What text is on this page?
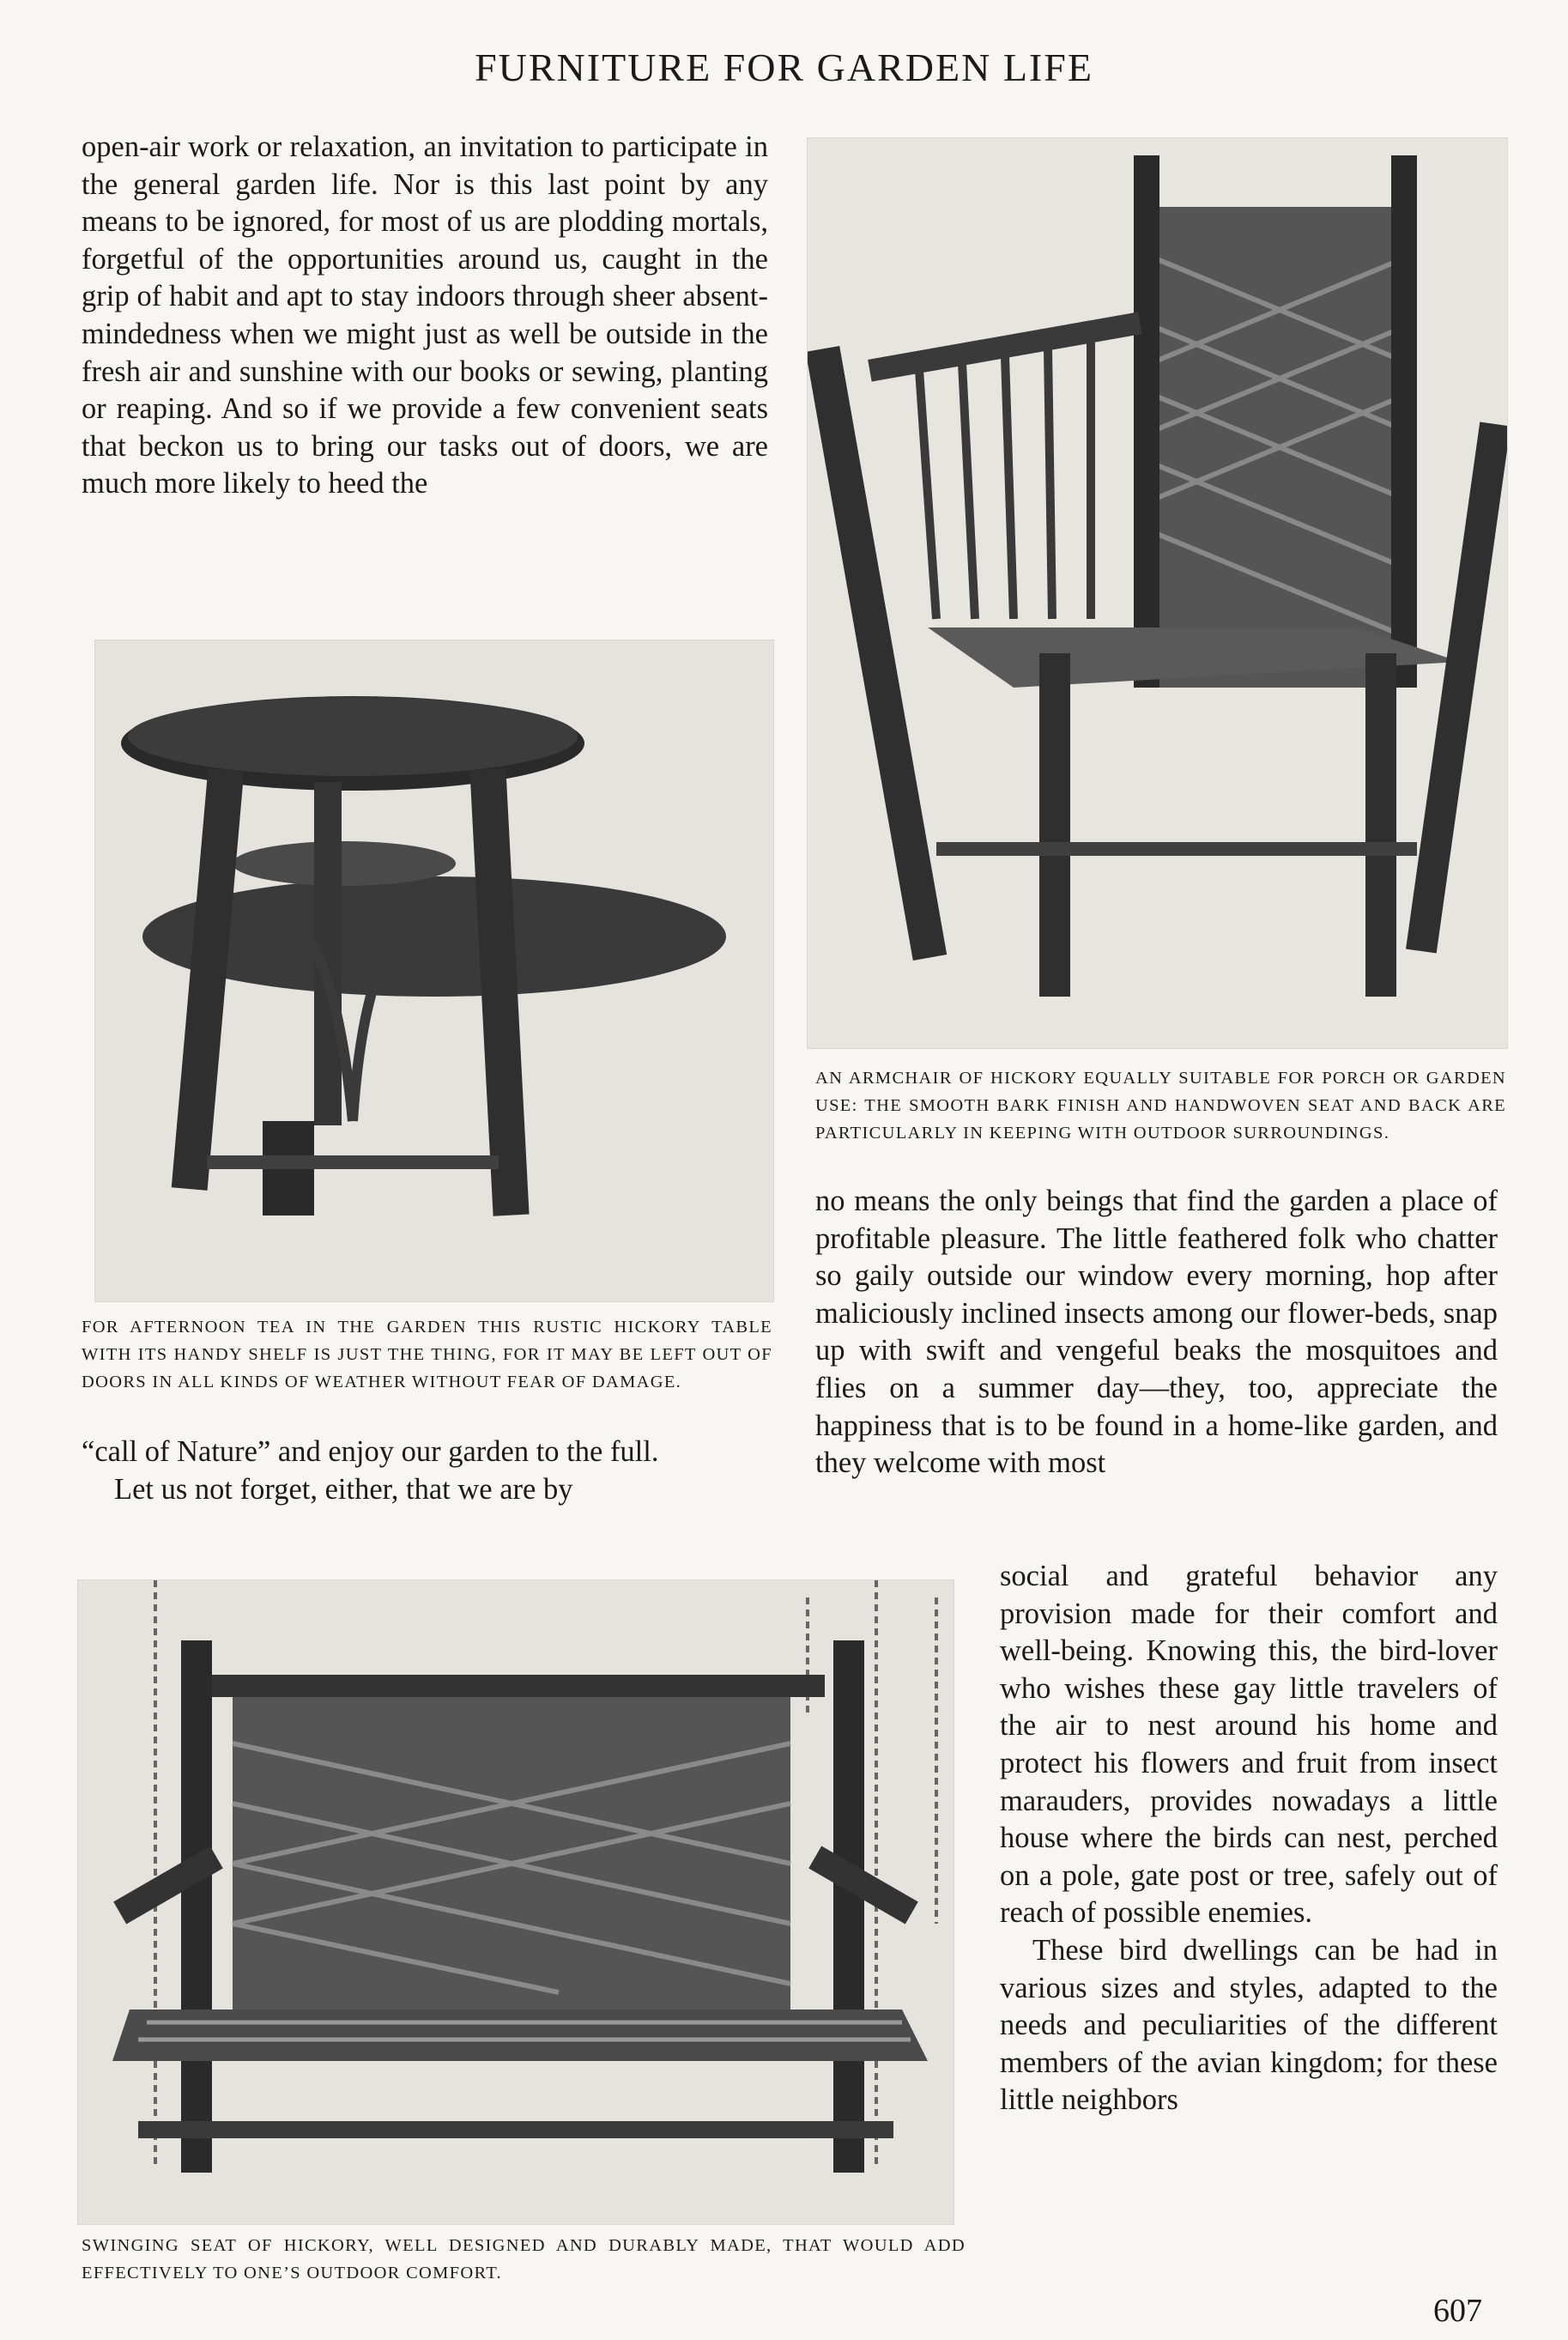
FURNITURE FOR GARDEN LIFE

open-air work or relaxation, an invitation to participate in the general garden life. Nor is this last point by any means to be ignored, for most of us are plodding mortals, forgetful of the opportunities around us, caught in the grip of habit and apt to stay indoors through sheer absent-mindedness when we might just as well be outside in the fresh air and sunshine with our books or sewing, planting or reaping. And so if we provide a few convenient seats that beckon us to bring our tasks out of doors, we are much more likely to heed the

FOR AFTERNOON TEA IN THE GARDEN THIS RUSTIC HICKORY TABLE WITH ITS HANDY SHELF IS JUST THE THING, FOR IT MAY BE LEFT OUT OF DOORS IN ALL KINDS OF WEATHER WITHOUT FEAR OF DAMAGE.

“call of Nature” and enjoy our garden to the full.

Let us not forget, either, that we are by

AN ARMCHAIR OF HICKORY EQUALLY SUITABLE FOR PORCH OR GARDEN USE: THE SMOOTH BARK FINISH AND HANDWOVEN SEAT AND BACK ARE PARTICULARLY IN KEEPING WITH OUTDOOR SURROUNDINGS.

no means the only beings that find the garden a place of profitable pleasure. The little feathered folk who chatter so gaily outside our window every morning, hop after maliciously inclined insects among our flower-beds, snap up with swift and vengeful beaks the mosquitoes and flies on a summer day—they, too, appreciate the happiness that is to be found in a home-like garden, and they welcome with most

SWINGING SEAT OF HICKORY, WELL DESIGNED AND DURABLY MADE, THAT WOULD ADD EFFECTIVELY TO ONE’S OUTDOOR COMFORT.

social and grateful behavior any provision made for their comfort and well-being. Knowing this, the bird-lover who wishes these gay little travelers of the air to nest around his home and protect his flowers and fruit from insect marauders, provides nowadays a little house where the birds can nest, perched on a pole, gate post or tree, safely out of reach of possible enemies.

These bird dwellings can be had in various sizes and styles, adapted to the needs and peculiarities of the different members of the avian kingdom; for these little neighbors

607
